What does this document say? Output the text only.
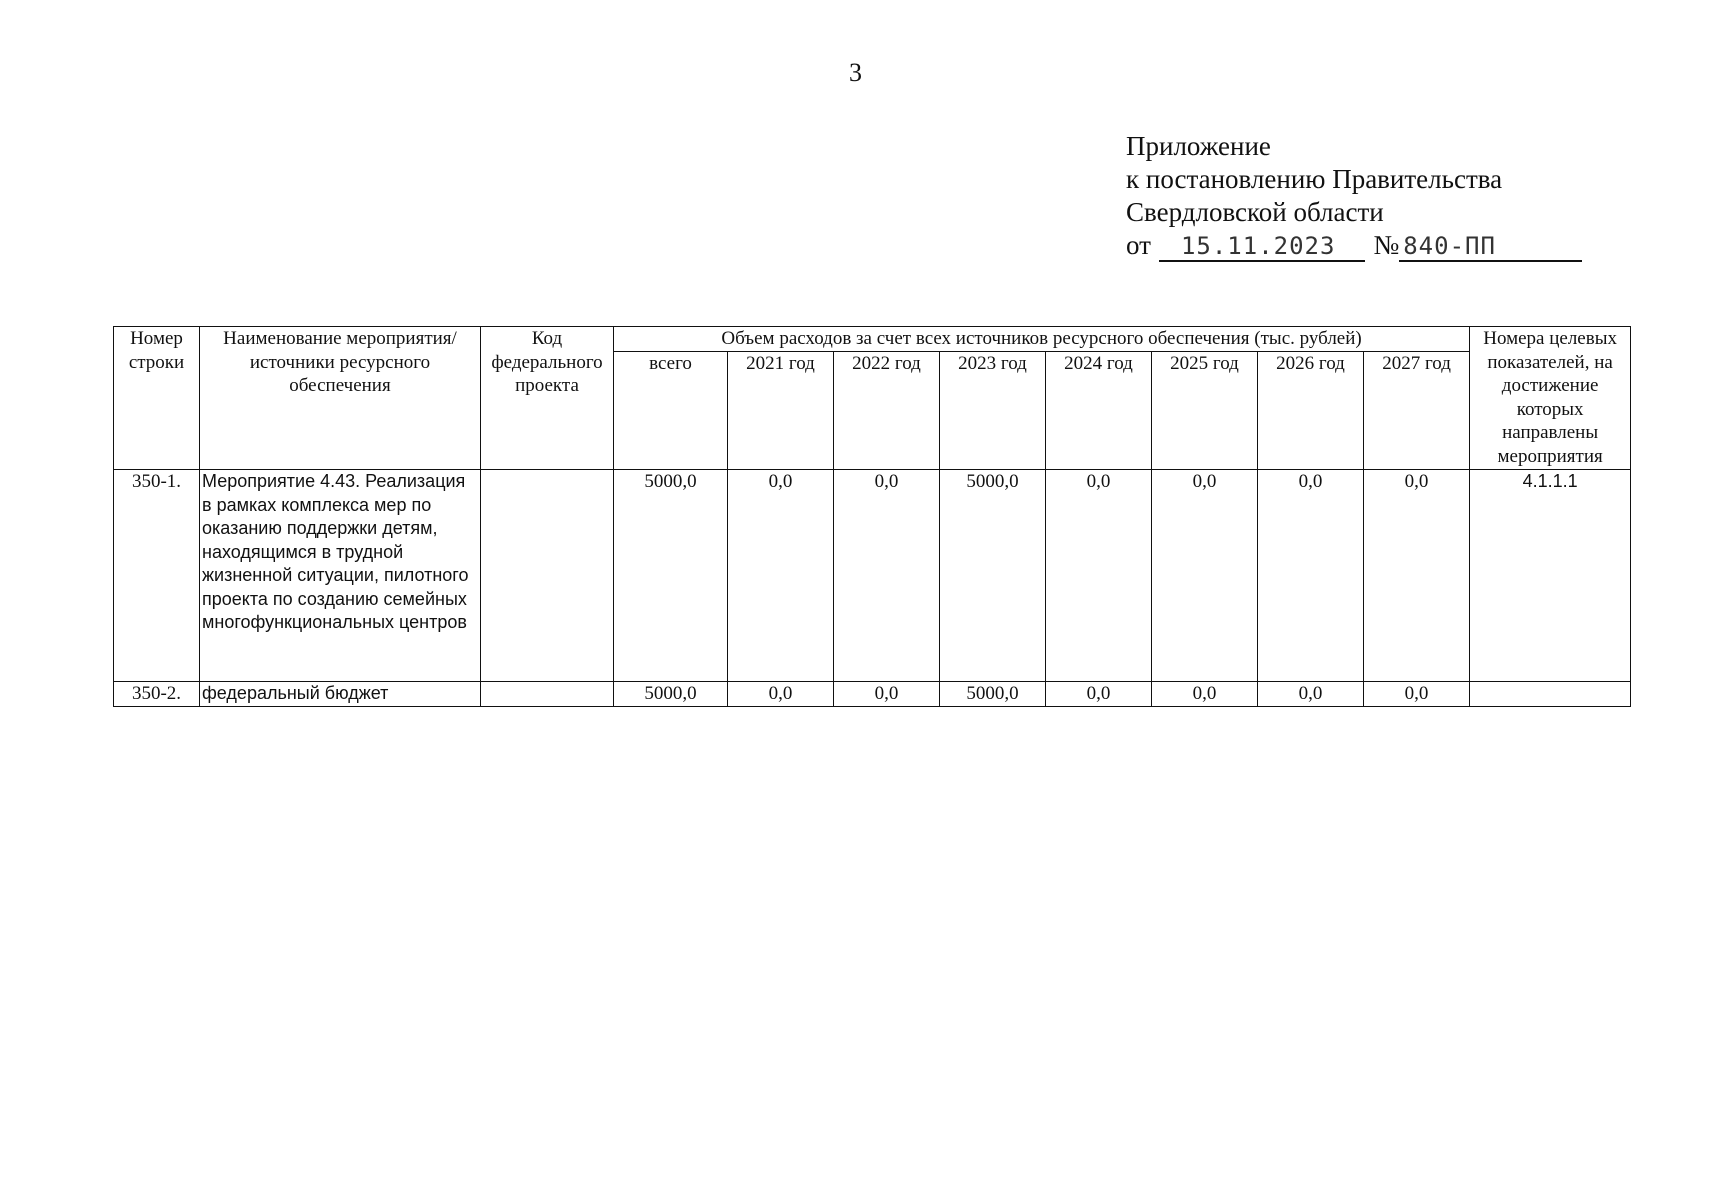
3
Приложение
к постановлению Правительства
Свердловской области
от 15.11.2023 № 840-ПП
Номер строки	Наименование мероприятия/ источники ресурсного обеспечения	Код федерального проекта	Объем расходов за счет всех источников ресурсного обеспечения (тыс. рублей)								Номера целевых показателей, на достижение которых направлены мероприятия
			всего	2021 год	2022 год	2023 год	2024 год	2025 год	2026 год	2027 год	
350-1.	Мероприятие 4.43. Реализация в рамках комплекса мер по оказанию поддержки детям, находящимся в трудной жизненной ситуации, пилотного проекта по созданию семейных многофункциональных центров		5000,0	0,0	0,0	5000,0	0,0	0,0	0,0	0,0	4.1.1.1
350-2.	федеральный бюджет		5000,0	0,0	0,0	5000,0	0,0	0,0	0,0	0,0	
